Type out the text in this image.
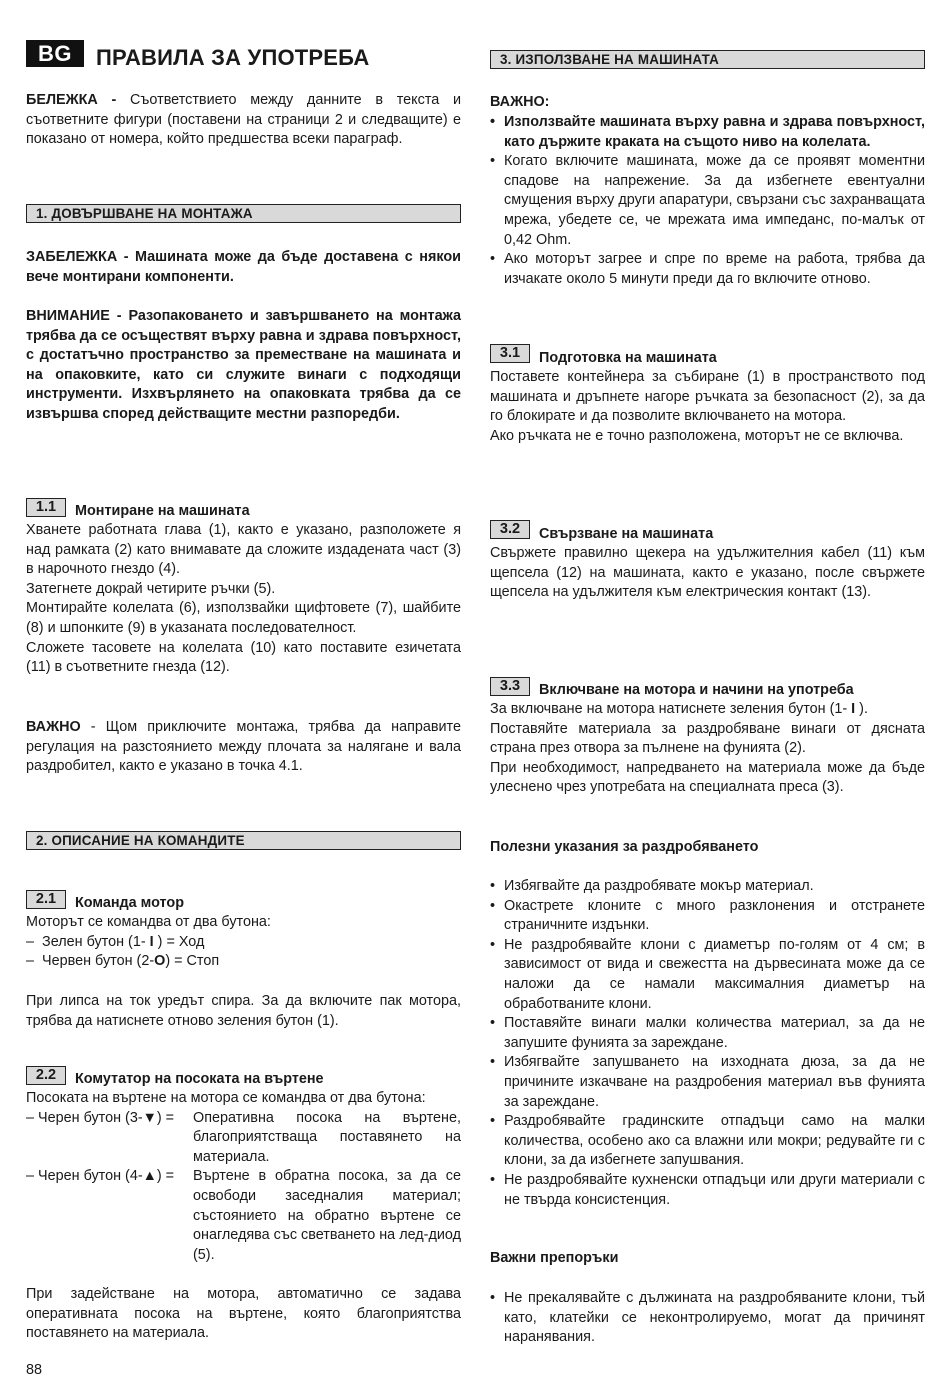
BG	ПРАВИЛА ЗА УПОТРЕБА

БЕЛЕЖКА - Съответствието между данните в текста и съответните фигури (поставени на страници 2 и следващите) е показано от номера, който предшества всеки параграф.

1. ДОВЪРШВАНЕ НА МОНТАЖА

ЗАБЕЛЕЖКА - Машината може да бъде доставена с някои вече монтирани компоненти.

ВНИМАНИЕ - Разопаковането и завършването на монтажа трябва да се осъществят върху равна и здрава повърхност, с достатъчно пространство за преместване на машината и на опаковките, като си служите винаги с подходящи инструменти. Изхвърлянето на опаковката трябва да се извършва според действащите местни разпоредби.

1.1	Монтиране на машината

Хванете работната глава (1), както е указано, разположете я над рамката (2) като внимавате да сложите издадената част (3) в нарочното гнездо (4).

Затегнете докрай четирите ръчки (5).

Монтирайте колелата (6), използвайки щифтовете (7), шайбите (8) и шпонките (9) в указаната последователност.

Сложете тасовете на колелата (10) като поставите езичетата (11) в съответните гнезда (12).

ВАЖНО - Щом приключите монтажа, трябва да направите регулация на разстоянието между плочата за налягане и вала раздробител, както е указано в точка 4.1.

2. ОПИСАНИЕ НА КОМАНДИТЕ
2.1	Команда мотор

Моторът се командва от два бутона:

– Зелен бутон (1- I ) = Ход
– Червен бутон (2-O) = Стоп

При липса на ток уредът спира. За да включите пак мотора, трябва да натиснете отново зеления бутон (1).

2.2	Комутатор на посоката на въртене

Посоката на въртене на мотора се командва от два бутона:

– Черен бутон (3-▼) =	Оперативна посока на въртене, благоприятстваща поставянето на материала.
– Черен бутон (4-▲) =	Въртене в обратна посока, за да се освободи заседналия материал; състоянието на обратно въртене се онагледява със светването на лед-диод (5).

При задействане на мотора, автоматично се задава оперативната посока на въртене, която благоприятства поставянето на материала.

3. ИЗПОЛЗВАНЕ НА МАШИНАТА

ВАЖНО:

• Използвайте машината върху равна и здрава повърхност, като държите краката на същото ниво на колелата.
• Когато включите машината, може да се проявят моментни спадове на напрежение. За да избегнете евентуални смущения върху други апаратури, свързани със захранващата мрежа, убедете се, че мрежата има импеданс, по-малък от 0,42 Ohm.
• Ако моторът загрее и спре по време на работа, трябва да изчакате около 5 минути преди да го включите отново.
3.1	Подготовка на машината

Поставете контейнера за събиране (1) в пространството под машината и дръпнете нагоре ръчката за безопасност (2), за да го блокирате и да позволите включването на мотора.

Ако ръчката не е точно разположена, моторът не се включва.

3.2	Свързване на машината

Свържете правилно щекера на удължителния кабел (11) към щепсела (12) на машината, както е указано, после свържете щепсела на удължителя към електрическия контакт (13).

3.3	Включване на мотора и начини на употреба

За включване на мотора натиснете зеления бутон (1- I ).

Поставяйте материала за раздробяване винаги от дясната страна през отвора за пълнене на фунията (2).

При необходимост, напредването на материала може да бъде улеснено чрез употребата на специалната преса (3).

Полезни указания за раздробяването

• Избягвайте да раздробявате мокър материал.
• Окастрете клоните с много разклонения и отстранете страничните издънки.
• Не раздробявайте клони с диаметър по-голям от 4 см; в зависимост от вида и свежестта на дървесината може да се наложи да се намали максималния диаметър на обработваните клони.
• Поставяйте винаги малки количества материал, за да не запушите фунията за зареждане.
• Избягвайте запушването на изходната дюза, за да не причините изкачване на раздробения материал във фунията за зареждане.
• Раздробявайте градинските отпадъци само на малки количества, особено ако са влажни или мокри; редувайте ги с клони, за да избегнете запушвания.
• Не раздробявайте кухненски отпадъци или други материали с не твърда консистенция.

Важни препоръки

• Не прекалявайте с дължината на раздробяваните клони, тъй като, клатейки се неконтролируемо, могат да причинят наранявания.
88
